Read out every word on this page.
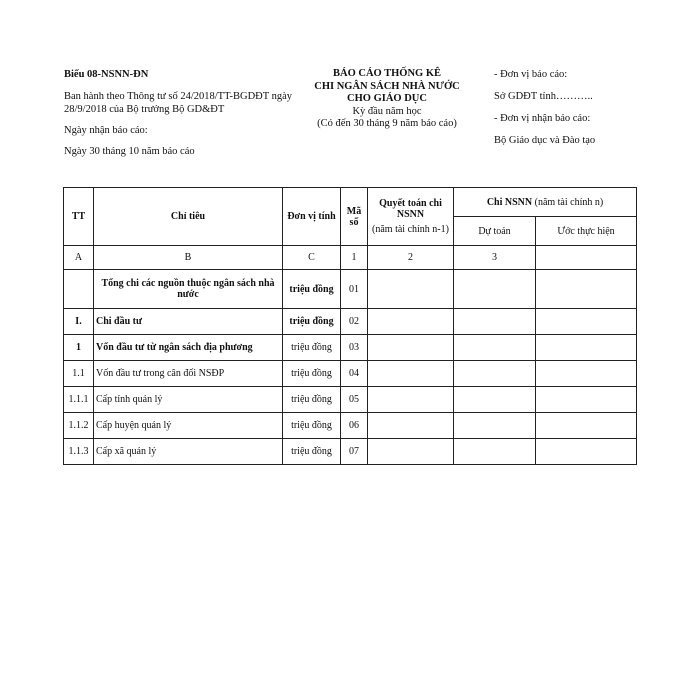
Biểu 08-NSNN-ĐN
Ban hành theo Thông tư số 24/2018/TT-BGDĐT ngày 28/9/2018 của Bộ trưởng Bộ GD&ĐT
Ngày nhận báo cáo:
Ngày 30 tháng 10 năm báo cáo
BÁO CÁO THỐNG KÊ
CHI NGÂN SÁCH NHÀ NƯỚC
CHO GIÁO DỤC
Kỳ đầu năm học
(Có đến 30 tháng 9 năm báo cáo)
- Đơn vị báo cáo:
Sở GDĐT tỉnh………..
- Đơn vị nhận báo cáo:
Bộ Giáo dục và Đào tạo
TT	Chỉ tiêu	Đơn vị tính	Mã số	Quyết toán chi NSNN
(năm tài chính n-1)	Chi NSNN (năm tài chính n)	
					Dự toán	Ước thực hiện
A	B	C	1	2	3	
	Tổng chi các nguồn thuộc ngân sách nhà nước	triệu đồng	01			
I.	Chi đầu tư	triệu đồng	02			
1	Vốn đầu tư từ ngân sách địa phương	triệu đồng	03			
1.1	Vốn đầu tư trong cân đối NSĐP	triệu đồng	04			
1.1.1	Cấp tỉnh quản lý	triệu đồng	05			
1.1.2	Cấp huyện quản lý	triệu đồng	06			
1.1.3	Cấp xã quản lý	triệu đồng	07			
